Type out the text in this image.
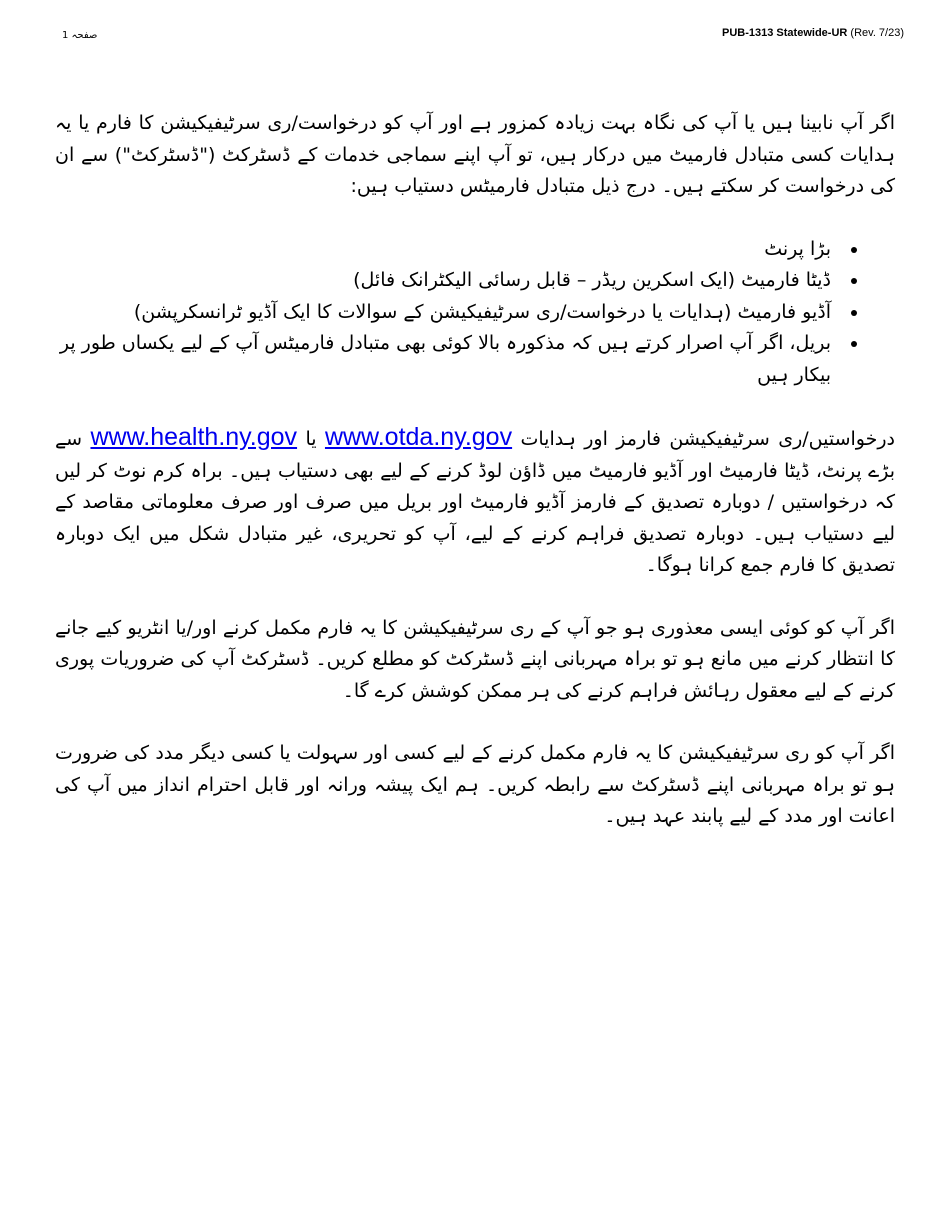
صفحہ 1	PUB-1313 Statewide-UR (Rev. 7/23)

اگر آپ نابینا ہیں یا آپ کی نگاہ بہت زیادہ کمزور ہے اور آپ کو درخواست/ری سرٹیفیکیشن کا فارم یا یہ ہدایات کسی متبادل فارمیٹ میں درکار ہیں، تو آپ اپنے سماجی خدمات کے ڈسٹرکٹ ("ڈسٹرکٹ") سے ان کی درخواست کر سکتے ہیں۔ درج ذیل متبادل فارمیٹس دستیاب ہیں:

• بڑا پرنٹ
• ڈیٹا فارمیٹ (ایک اسکرین ریڈر – قابل رسائی الیکٹرانک فائل)
• آڈیو فارمیٹ (ہدایات یا درخواست/ری سرٹیفیکیشن کے سوالات کا ایک آڈیو ٹرانسکرپشن)
• بریل، اگر آپ اصرار کرتے ہیں کہ مذکورہ بالا کوئی بھی متبادل فارمیٹس آپ کے لیے یکساں طور پر بیکار ہیں

درخواستیں/ری سرٹیفیکیشن فارمز اور ہدایات www.otda.ny.gov یا www.health.ny.gov سے بڑے پرنٹ، ڈیٹا فارمیٹ اور آڈیو فارمیٹ میں ڈاؤن لوڈ کرنے کے لیے بھی دستیاب ہیں۔ براہ کرم نوٹ کر لیں کہ درخواستیں / دوبارہ تصدیق کے فارمز آڈیو فارمیٹ اور بریل میں صرف اور صرف معلوماتی مقاصد کے لیے دستیاب ہیں۔ دوبارہ تصدیق فراہم کرنے کے لیے، آپ کو تحریری، غیر متبادل شکل میں ایک دوبارہ تصدیق کا فارم جمع کرانا ہوگا۔

اگر آپ کو کوئی ایسی معذوری ہو جو آپ کے ری سرٹیفیکیشن کا یہ فارم مکمل کرنے اور/یا انٹریو کیے جانے کا انتظار کرنے میں مانع ہو تو براہ مہربانی اپنے ڈسٹرکٹ کو مطلع کریں۔ ڈسٹرکٹ آپ کی ضروریات پوری کرنے کے لیے معقول رہائش فراہم کرنے کی ہر ممکن کوشش کرے گا۔

اگر آپ کو ری سرٹیفیکیشن کا یہ فارم مکمل کرنے کے لیے کسی اور سہولت یا کسی دیگر مدد کی ضرورت ہو تو براہ مہربانی اپنے ڈسٹرکٹ سے رابطہ کریں۔ ہم ایک پیشہ ورانہ اور قابل احترام انداز میں آپ کی اعانت اور مدد کے لیے پابند عہد ہیں۔
